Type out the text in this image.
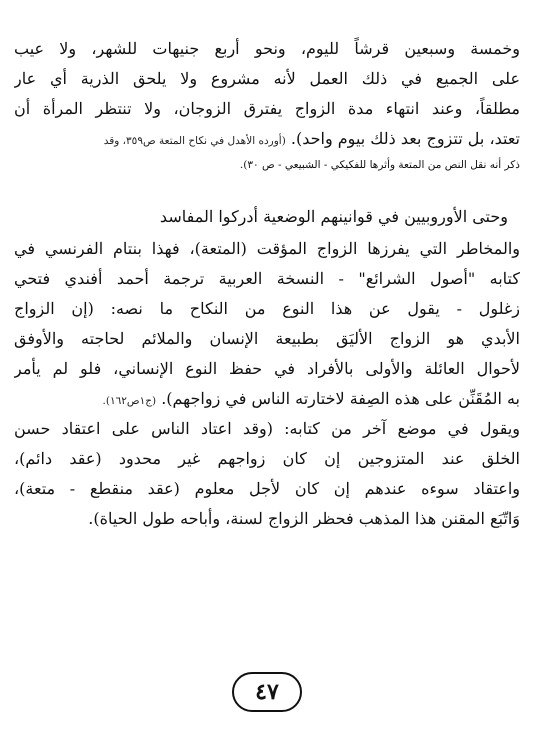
وخمسة وسبعين قرشاً لليوم، ونحو أربع جنيهات للشهر، ولا عيب
على الجميع في ذلك العمل لأنه مشروع ولا يلحق الذرية أي عار
مطلقاً، وعند انتهاء مدة الزواج يفترق الزوجان، ولا تنتظر المرأة أن
تعتد، بل تتزوج بعد ذلك بيوم واحد). (أورده الأهدل في نكاح المتعة ص٣٥٩، وقد
ذكر أنه نقل النص من المتعة وأثرها للفكيكي - الشبيعي - ص ٣٠).
وحتى الأوروبيين في قوانينهم الوضعية أدركوا المفاسد
والمخاطر التي يفرزها الزواج المؤقت (المتعة)، فهذا بنتام الفرنسي في
كتابه "أصول الشرائع" - النسخة العربية ترجمة أحمد أفندي فتحي
زغلول - يقول عن هذا النوع من النكاح ما نصه: (إن الزواج
الأبدي هو الزواج الأليَق بطبيعة الإنسان والملائم لحاجته والأوفق
لأحوال العائلة والأولى بالأفراد في حفظ النوع الإنساني، فلو لم يأمر
به المُقَنِّن على هذه الصِفة لاختارته الناس في زواجهم). (ج١ص١٦٢).
ويقول في موضع آخر من كتابه: (وقد اعتاد الناس على اعتقاد حسن
الخلق عند المتزوجين إن كان زواجهم غير محدود (عقد دائم)،
واعتقاد سوءه عندهم إن كان لأجل معلوم (عقد منقطع - متعة)،
وَاتّبَع المقنن هذا المذهب فحظر الزواج لسنة، وأباحه طول الحياة).
٤٧
